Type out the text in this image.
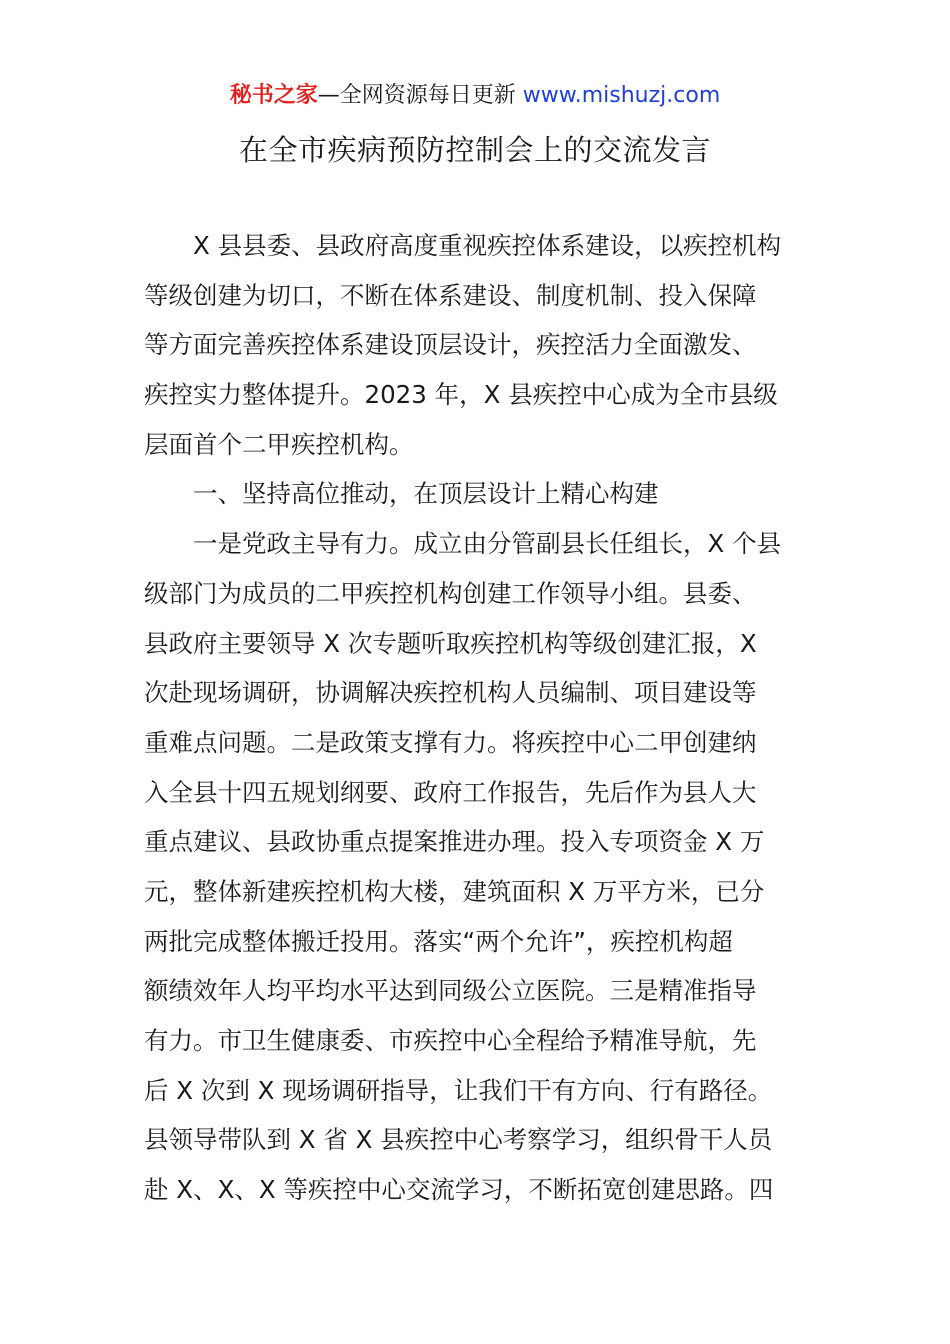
秘书之家—全网资源每日更新 www.mishuzj.com
在全市疾病预防控制会上的交流发言
X 县县委、县政府高度重视疾控体系建设，以疾控机构
等级创建为切口，不断在体系建设、制度机制、投入保障
等方面完善疾控体系建设顶层设计，疾控活力全面激发、
疾控实力整体提升。2023 年，X 县疾控中心成为全市县级
层面首个二甲疾控机构。
一、坚持高位推动，在顶层设计上精心构建
一是党政主导有力。成立由分管副县长任组长，X 个县
级部门为成员的二甲疾控机构创建工作领导小组。县委、
县政府主要领导 X 次专题听取疾控机构等级创建汇报，X
次赴现场调研，协调解决疾控机构人员编制、项目建设等
重难点问题。二是政策支撑有力。将疾控中心二甲创建纳
入全县十四五规划纲要、政府工作报告，先后作为县人大
重点建议、县政协重点提案推进办理。投入专项资金 X 万
元，整体新建疾控机构大楼，建筑面积 X 万平方米，已分
两批完成整体搬迁投用。落实“两个允许”，疾控机构超
额绩效年人均平均水平达到同级公立医院。三是精准指导
有力。市卫生健康委、市疾控中心全程给予精准导航，先
后 X 次到 X 现场调研指导，让我们干有方向、行有路径。
县领导带队到 X 省 X 县疾控中心考察学习，组织骨干人员
赴 X、X、X 等疾控中心交流学习，不断拓宽创建思路。四
